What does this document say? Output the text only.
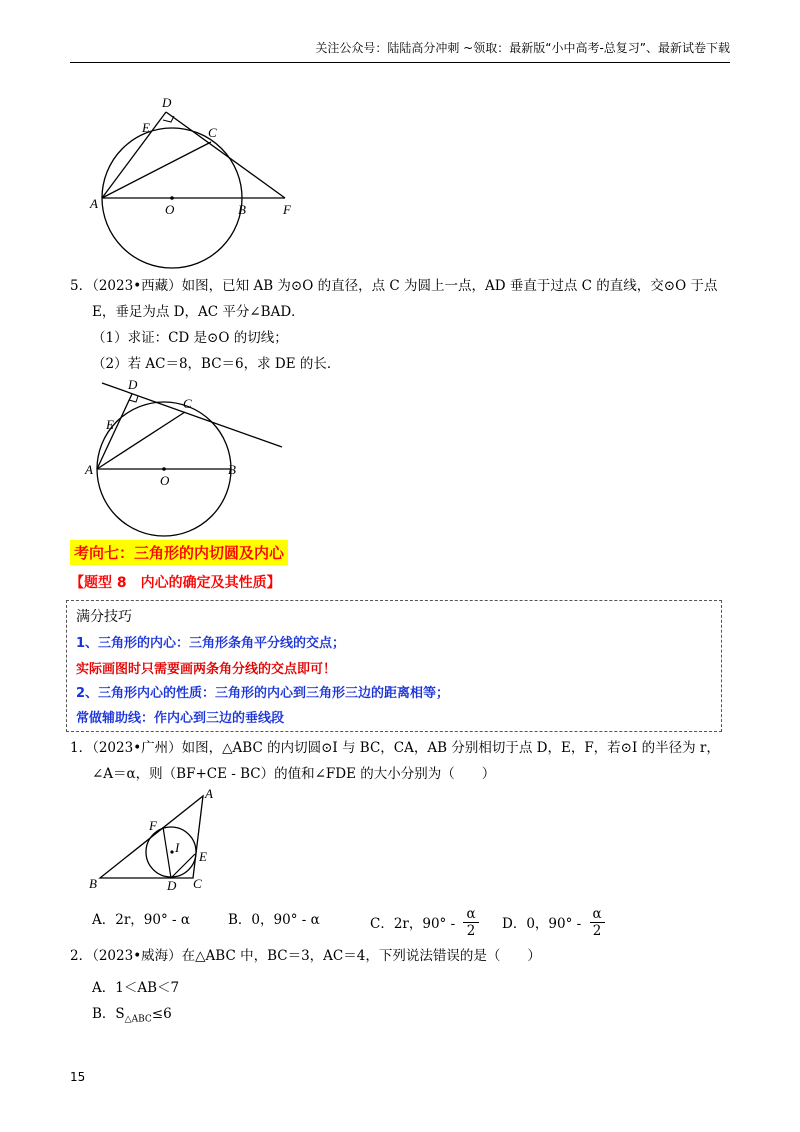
关注公众号：陆陆高分冲刺 ~领取：最新版“小中高考-总复习”、最新试卷下载
D
E	C
A	O	B	F
5．（2023•西藏）如图，已知 AB 为⊙O 的直径，点 C 为圆上一点，AD 垂直于过点 C 的直线，交⊙O 于点
E，垂足为点 D，AC 平分∠BAD．
（1）求证：CD 是⊙O 的切线；
（2）若 AC＝8，BC＝6，求 DE 的长．
D
C
E
A
O
B
考向七：三角形的内切圆及内心
【题型 8　内心的确定及其性质】
满分技巧
1、三角形的内心：三角形条角平分线的交点；
实际画图时只需要画两条角分线的交点即可！
2、三角形内心的性质：三角形的内心到三角形三边的距离相等；
常做辅助线：作内心到三边的垂线段
1．（2023•广州）如图，△ABC 的内切圆⊙I 与 BC，CA，AB 分别相切于点 D，E，F，若⊙I 的半径为 r，
∠A＝α，则（BF+CE - BC）的值和∠FDE 的大小分别为（　　）
A
F
I
E
B	D C
A．2r，90° - α	B．0，90° - α	C．2r，$90^\circ - \frac{\alpha}{2}$ D．0，$90^\circ - \frac{\alpha}{2}$
2．（2023•威海）在△ABC 中，BC＝3，AC＝4，下列说法错误的是（　　）
A．1＜AB＜7
B．$S_{\triangle ABC}\le 6$
15
